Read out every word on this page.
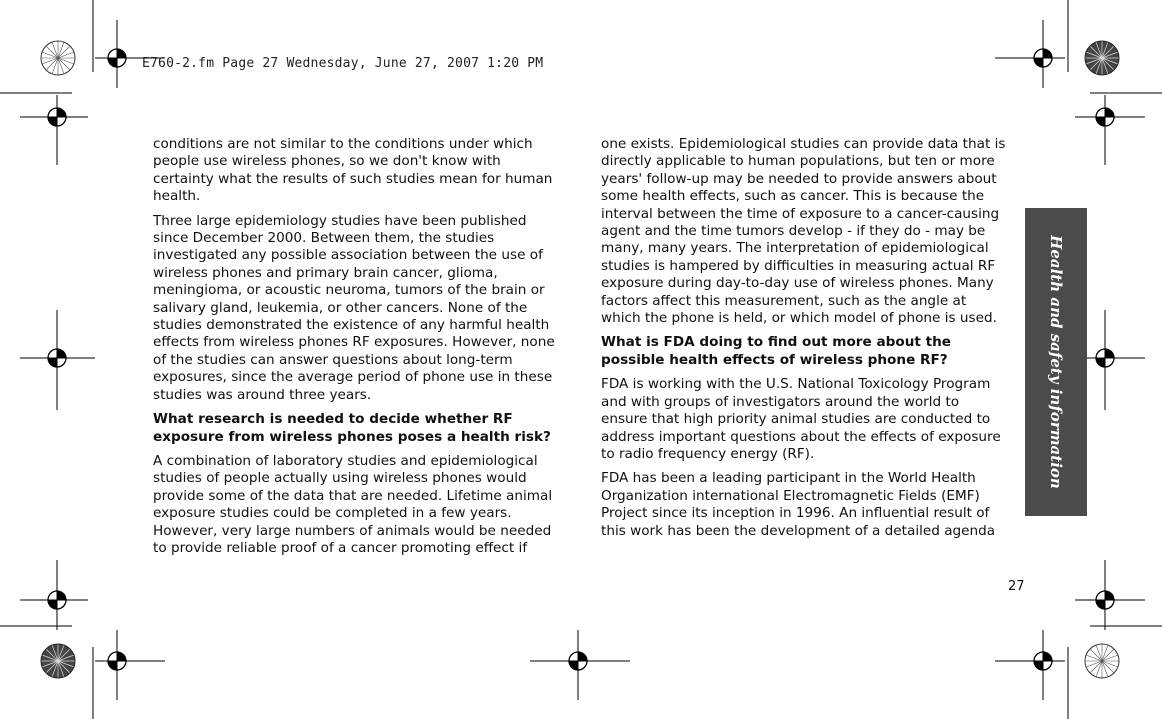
E760-2.fm Page 27 Wednesday, June 27, 2007 1:20 PM

conditions are not similar to the conditions under which people use wireless phones, so we don't know with certainty what the results of such studies mean for human health.

Three large epidemiology studies have been published since December 2000. Between them, the studies investigated any possible association between the use of wireless phones and primary brain cancer, glioma, meningioma, or acoustic neuroma, tumors of the brain or salivary gland, leukemia, or other cancers. None of the studies demonstrated the existence of any harmful health effects from wireless phones RF exposures. However, none of the studies can answer questions about long-term exposures, since the average period of phone use in these studies was around three years.

What research is needed to decide whether RF exposure from wireless phones poses a health risk?

A combination of laboratory studies and epidemiological studies of people actually using wireless phones would provide some of the data that are needed. Lifetime animal exposure studies could be completed in a few years. However, very large numbers of animals would be needed to provide reliable proof of a cancer promoting effect if

one exists. Epidemiological studies can provide data that is directly applicable to human populations, but ten or more years' follow-up may be needed to provide answers about some health effects, such as cancer. This is because the interval between the time of exposure to a cancer-causing agent and the time tumors develop - if they do - may be many, many years. The interpretation of epidemiological studies is hampered by difficulties in measuring actual RF exposure during day-to-day use of wireless phones. Many factors affect this measurement, such as the angle at which the phone is held, or which model of phone is used.

What is FDA doing to find out more about the possible health effects of wireless phone RF?

FDA is working with the U.S. National Toxicology Program and with groups of investigators around the world to ensure that high priority animal studies are conducted to address important questions about the effects of exposure to radio frequency energy (RF).

FDA has been a leading participant in the World Health Organization international Electromagnetic Fields (EMF) Project since its inception in 1996. An influential result of this work has been the development of a detailed agenda

Health and safety information
27
